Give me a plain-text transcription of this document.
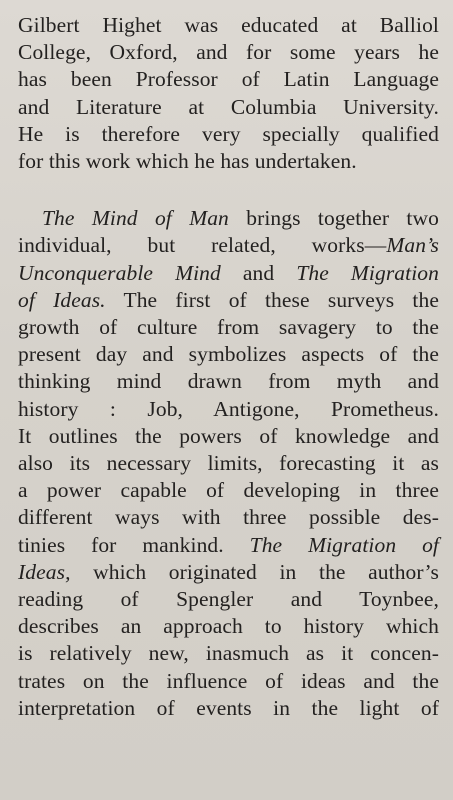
Gilbert Highet was educated at Balliol
College, Oxford, and for some years he
has been Professor of Latin Language
and Literature at Columbia University.
He is therefore very specially qualified
for this work which he has undertaken.

The Mind of Man brings together two
individual, but related, works—Man’s
Unconquerable Mind and The Migration
of Ideas. The first of these surveys the
growth of culture from savagery to the
present day and symbolizes aspects of the
thinking mind drawn from myth and
history : Job, Antigone, Prometheus.
It outlines the powers of knowledge and
also its necessary limits, forecasting it as
a power capable of developing in three
different ways with three possible des-
tinies for mankind. The Migration of
Ideas, which originated in the author’s
reading of Spengler and Toynbee,
describes an approach to history which
is relatively new, inasmuch as it concen-
trates on the influence of ideas and the
interpretation of events in the light of
